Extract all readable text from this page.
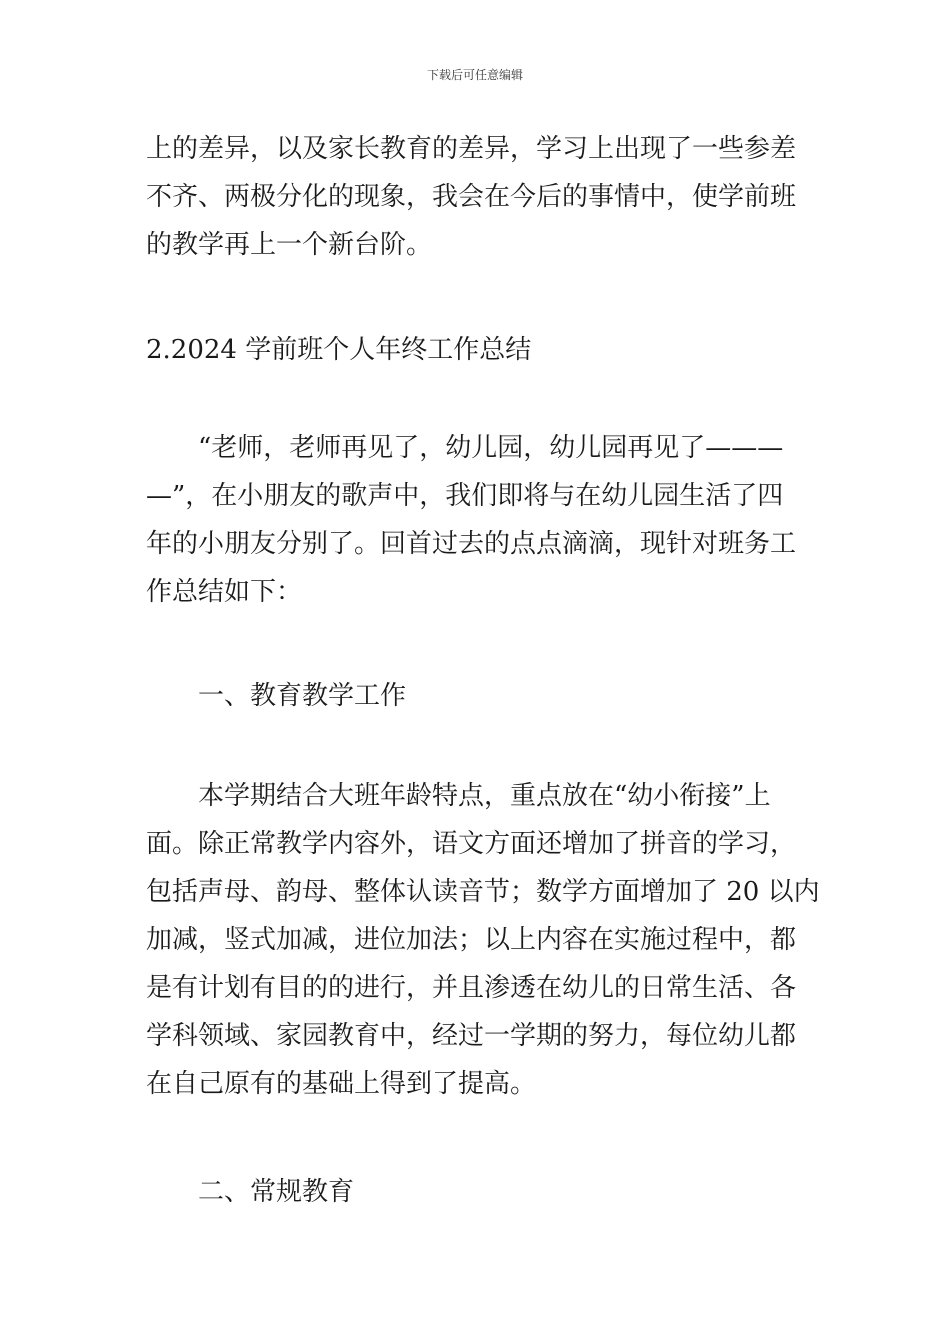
下载后可任意编辑

上的差异，以及家长教育的差异，学习上出现了一些参差
不齐、两极分化的现象，我会在今后的事情中，使学前班
的教学再上一个新台阶。

2.2024 学前班个人年终工作总结

“老师，老师再见了，幼儿园，幼儿园再见了———
—”，在小朋友的歌声中，我们即将与在幼儿园生活了四
年的小朋友分别了。回首过去的点点滴滴，现针对班务工
作总结如下：

一、教育教学工作

本学期结合大班年龄特点，重点放在“幼小衔接”上
面。除正常教学内容外，语文方面还增加了拼音的学习，
包括声母、韵母、整体认读音节；数学方面增加了 20 以内
加减，竖式加减，进位加法；以上内容在实施过程中，都
是有计划有目的的进行，并且渗透在幼儿的日常生活、各
学科领域、家园教育中，经过一学期的努力，每位幼儿都
在自己原有的基础上得到了提高。

二、常规教育
